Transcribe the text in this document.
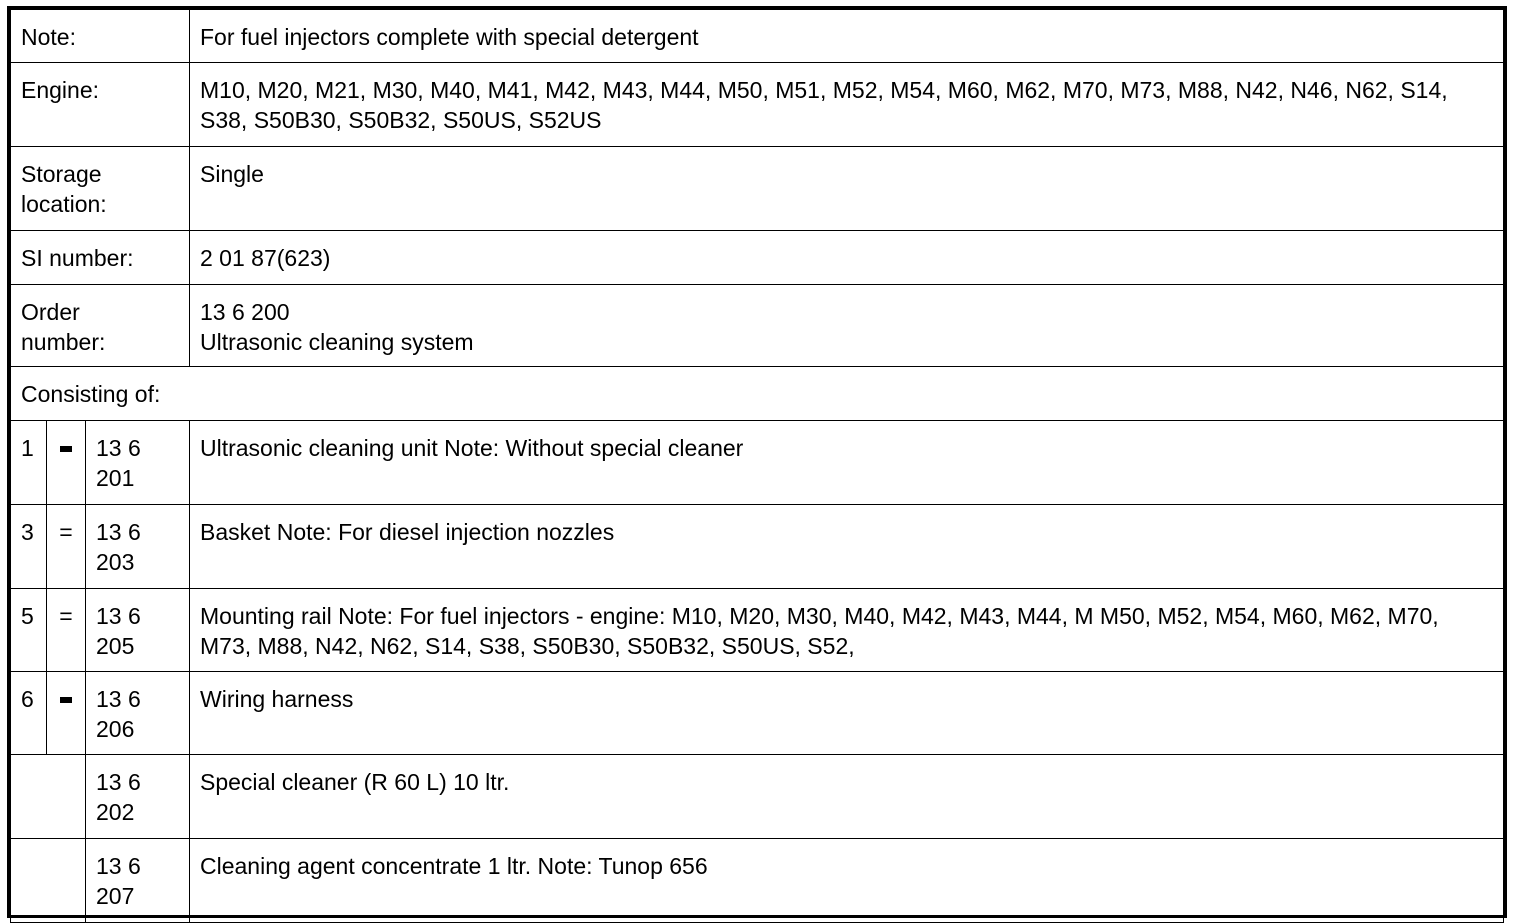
Note:			For fuel injectors complete with special detergent
Engine:			M10, M20, M21, M30, M40, M41, M42, M43, M44, M50, M51, M52, M54, M60, M62, M70, M73, M88, N42, N46, N62, S14, S38, S50B30, S50B32, S50US, S52US
Storage location:			Single
SI number:			2 01 87(623)
Order number:			13 6 200
Ultrasonic cleaning system

Consisting of:			
1		13 6 201	Ultrasonic cleaning unit Note: Without special cleaner
3	=	13 6 203	Basket Note: For diesel injection nozzles
5	=	13 6 205	Mounting rail Note: For fuel injectors - engine: M10, M20, M30, M40, M42, M43, M44, M M50, M52, M54, M60, M62, M70, M73, M88, N42, N62, S14, S38, S50B30, S50B32, S50US, S52,
6		13 6 206	Wiring harness
		13 6 202	Special cleaner (R 60 L) 10 ltr.
		13 6 207	Cleaning agent concentrate 1 ltr. Note: Tunop 656
